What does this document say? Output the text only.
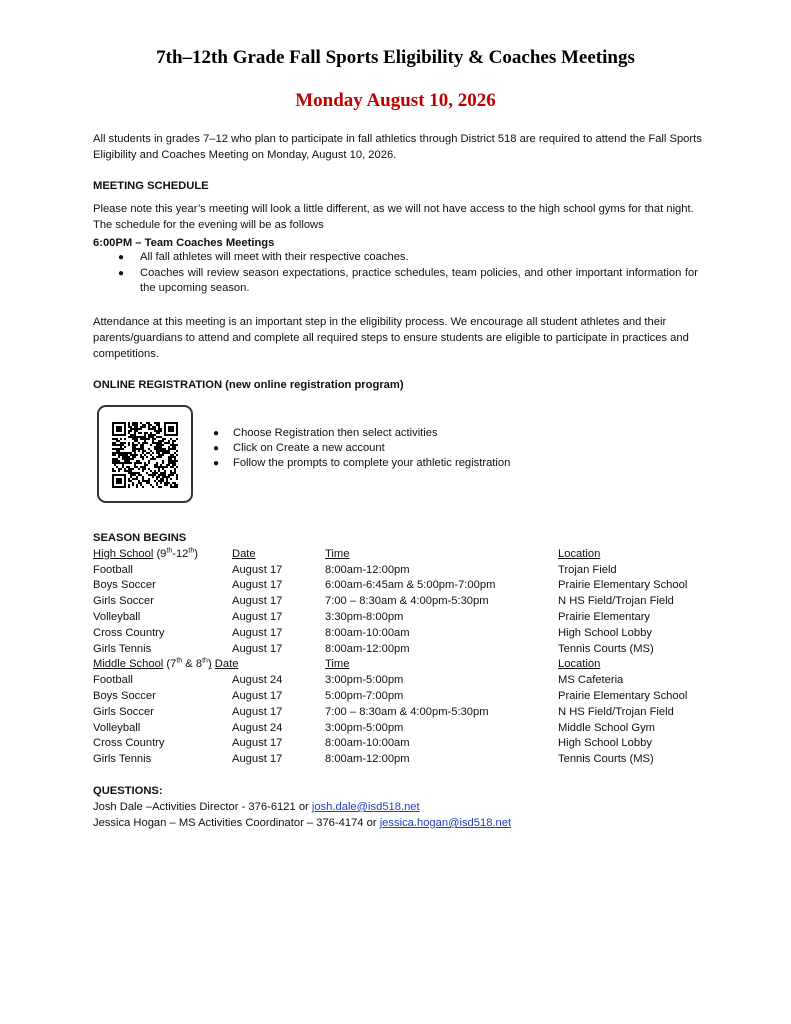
7th–12th Grade Fall Sports Eligibility & Coaches Meetings
Monday August 10, 2026

All students in grades 7–12 who plan to participate in fall athletics through District 518 are required to attend the Fall Sports Eligibility and Coaches Meeting on Monday, August 10, 2026.

MEETING SCHEDULE

Please note this year’s meeting will look a little different, as we will not have access to the high school gyms for that night. The schedule for the evening will be as follows

6:00PM – Team Coaches Meetings
● All fall athletes will meet with their respective coaches.
● Coaches will review season expectations, practice schedules, team policies, and other important information for the upcoming season.

Attendance at this meeting is an important step in the eligibility process. We encourage all student athletes and their parents/guardians to attend and complete all required steps to ensure students are eligible to participate in practices and competitions.

ONLINE REGISTRATION (new online registration program)
● Choose Registration then select activities
● Click on Create a new account
● Follow the prompts to complete your athletic registration
SEASON BEGINS
High School (9th-12th)	Date	Time	Location
Football	August 17	8:00am-12:00pm	Trojan Field
Boys Soccer	August 17	6:00am-6:45am & 5:00pm-7:00pm	Prairie Elementary School
Girls Soccer	August 17	7:00 – 8:30am & 4:00pm-5:30pm	N HS Field/Trojan Field
Volleyball	August 17	3:30pm-8:00pm	Prairie Elementary
Cross Country	August 17	8:00am-10:00am	High School Lobby
Girls Tennis	August 17	8:00am-12:00pm	Tennis Courts (MS)
Middle School (7th & 8th) Date	Time	Location
Football	August 24	3:00pm-5:00pm	MS Cafeteria
Boys Soccer	August 17	5:00pm-7:00pm	Prairie Elementary School
Girls Soccer	August 17	7:00 – 8:30am & 4:00pm-5:30pm	N HS Field/Trojan Field
Volleyball	August 24	3:00pm-5:00pm	Middle School Gym
Cross Country	August 17	8:00am-10:00am	High School Lobby
Girls Tennis	August 17	8:00am-12:00pm	Tennis Courts (MS)
QUESTIONS:
Josh Dale –Activities Director - 376-6121 or josh.dale@isd518.net
Jessica Hogan – MS Activities Coordinator – 376-4174 or jessica.hogan@isd518.net
